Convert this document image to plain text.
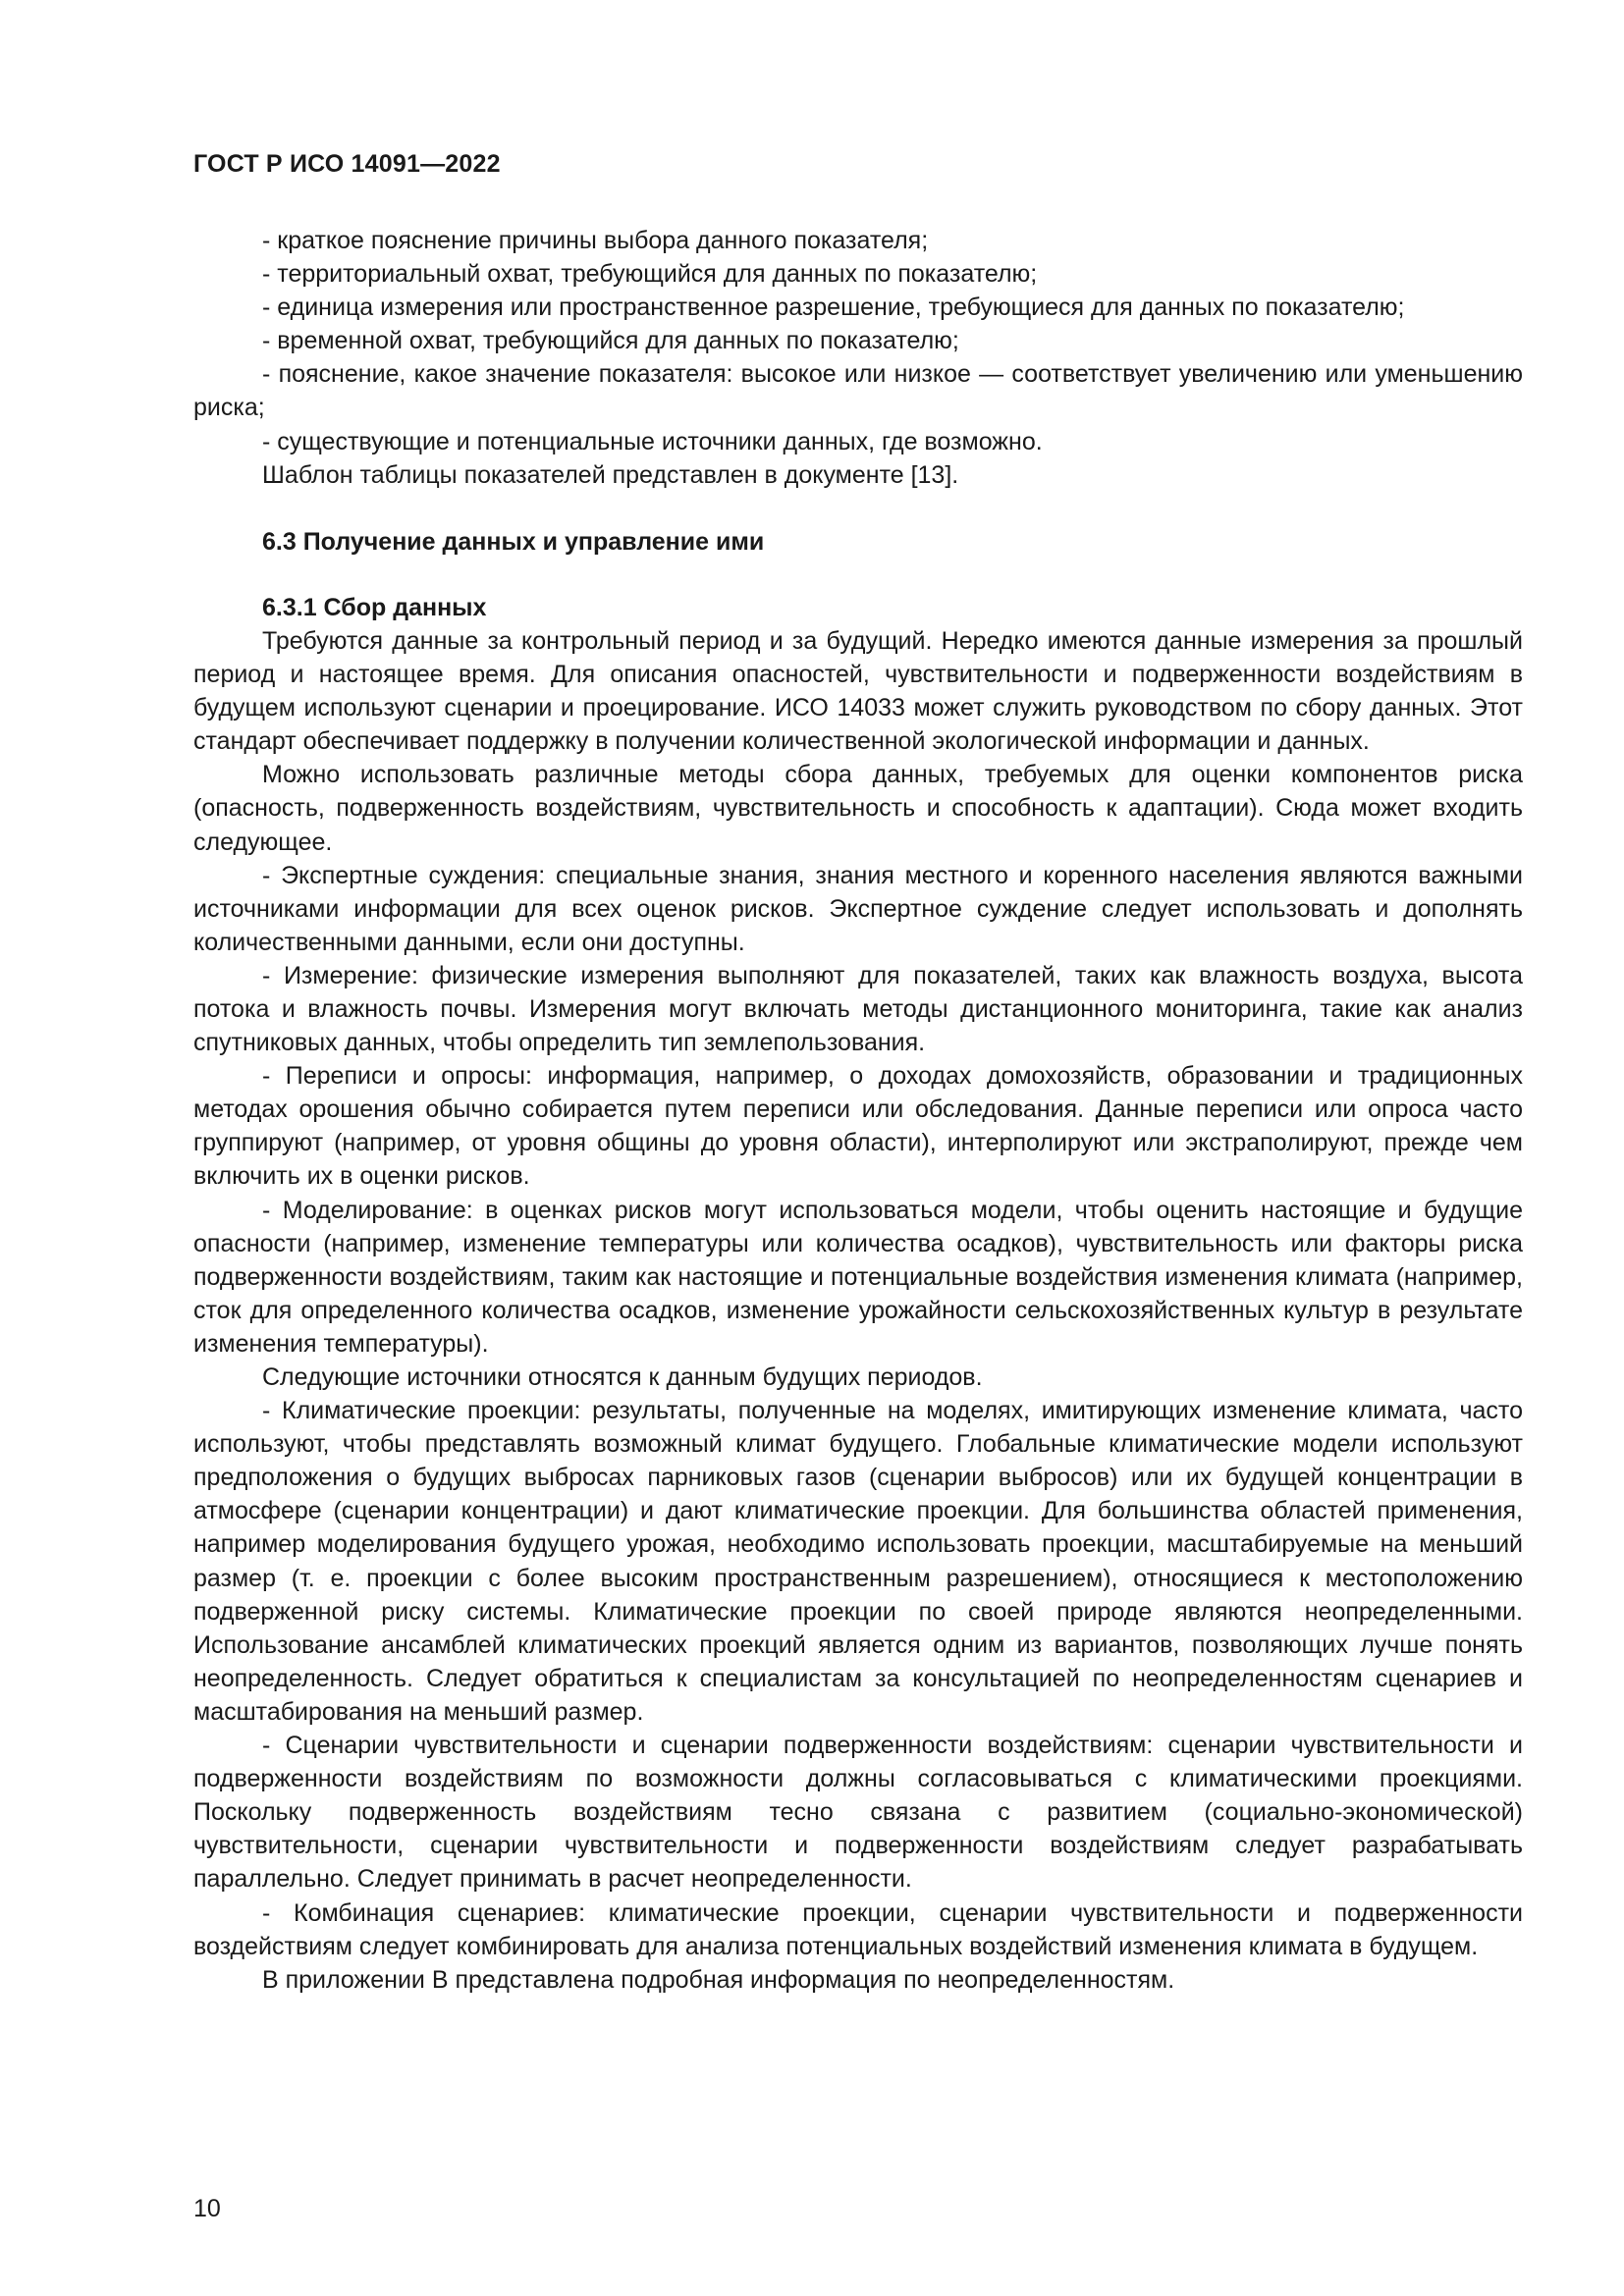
ГОСТ Р ИСО 14091—2022

- краткое пояснение причины выбора данного показателя;

- территориальный охват, требующийся для данных по показателю;

- единица измерения или пространственное разрешение, требующиеся для данных по показателю;

- временной охват, требующийся для данных по показателю;

- пояснение, какое значение показателя: высокое или низкое — соответствует увеличению или уменьшению риска;

- существующие и потенциальные источники данных, где возможно.

Шаблон таблицы показателей представлен в документе [13].

6.3 Получение данных и управление ими
6.3.1 Сбор данных

Требуются данные за контрольный период и за будущий. Нередко имеются данные измерения за прошлый период и настоящее время. Для описания опасностей, чувствительности и подверженности воздействиям в будущем используют сценарии и проецирование. ИСО 14033 может служить руководством по сбору данных. Этот стандарт обеспечивает поддержку в получении количественной экологической информации и данных.

Можно использовать различные методы сбора данных, требуемых для оценки компонентов риска (опасность, подверженность воздействиям, чувствительность и способность к адаптации). Сюда может входить следующее.

- Экспертные суждения: специальные знания, знания местного и коренного населения являются важными источниками информации для всех оценок рисков. Экспертное суждение следует использовать и дополнять количественными данными, если они доступны.

- Измерение: физические измерения выполняют для показателей, таких как влажность воздуха, высота потока и влажность почвы. Измерения могут включать методы дистанционного мониторинга, такие как анализ спутниковых данных, чтобы определить тип землепользования.

- Переписи и опросы: информация, например, о доходах домохозяйств, образовании и традиционных методах орошения обычно собирается путем переписи или обследования. Данные переписи или опроса часто группируют (например, от уровня общины до уровня области), интерполируют или экстраполируют, прежде чем включить их в оценки рисков.

- Моделирование: в оценках рисков могут использоваться модели, чтобы оценить настоящие и будущие опасности (например, изменение температуры или количества осадков), чувствительность или факторы риска подверженности воздействиям, таким как настоящие и потенциальные воздействия изменения климата (например, сток для определенного количества осадков, изменение урожайности сельскохозяйственных культур в результате изменения температуры).

Следующие источники относятся к данным будущих периодов.

- Климатические проекции: результаты, полученные на моделях, имитирующих изменение климата, часто используют, чтобы представлять возможный климат будущего. Глобальные климатические модели используют предположения о будущих выбросах парниковых газов (сценарии выбросов) или их будущей концентрации в атмосфере (сценарии концентрации) и дают климатические проекции. Для большинства областей применения, например моделирования будущего урожая, необходимо использовать проекции, масштабируемые на меньший размер (т. е. проекции с более высоким пространственным разрешением), относящиеся к местоположению подверженной риску системы. Климатические проекции по своей природе являются неопределенными. Использование ансамблей климатических проекций является одним из вариантов, позволяющих лучше понять неопределенность. Следует обратиться к специалистам за консультацией по неопределенностям сценариев и масштабирования на меньший размер.

- Сценарии чувствительности и сценарии подверженности воздействиям: сценарии чувствительности и подверженности воздействиям по возможности должны согласовываться с климатическими проекциями. Поскольку подверженность воздействиям тесно связана с развитием (социально-экономической) чувствительности, сценарии чувствительности и подверженности воздействиям следует разрабатывать параллельно. Следует принимать в расчет неопределенности.

- Комбинация сценариев: климатические проекции, сценарии чувствительности и подверженности воздействиям следует комбинировать для анализа потенциальных воздействий изменения климата в будущем.

В приложении В представлена подробная информация по неопределенностям.

10
